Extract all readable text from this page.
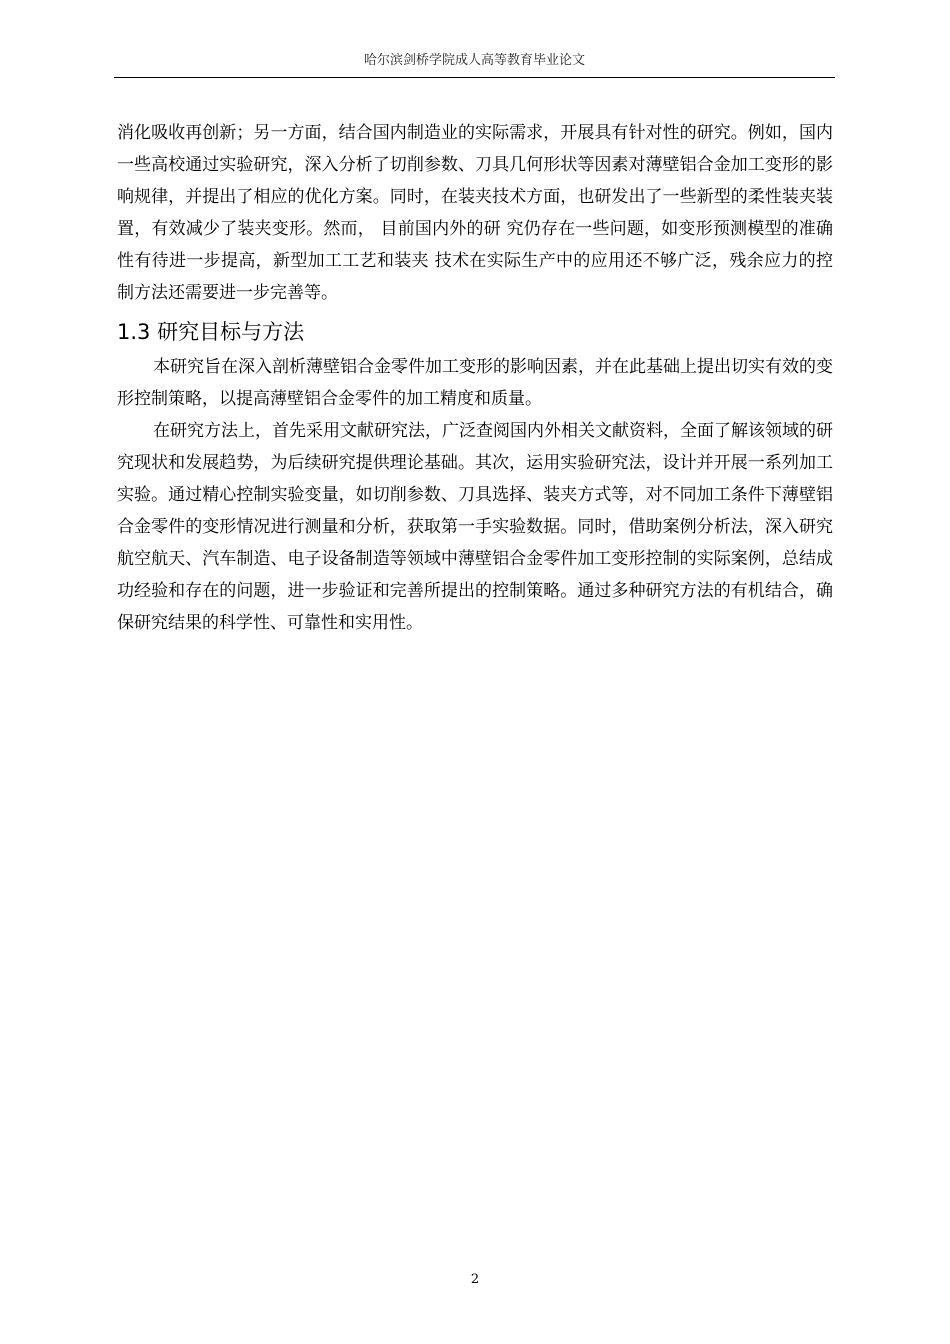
哈尔滨剑桥学院成人高等教育毕业论文

消化吸收再创新；另一方面，结合国内制造业的实际需求，开展具有针对性的研究。例如，国内一些高校通过实验研究，深入分析了切削参数、刀具几何形状等因素对薄壁铝合金加工变形的影响规律，并提出了相应的优化方案。同时，在装夹技术方面，也研发出了一些新型的柔性装夹装置，有效减少了装夹变形。然而， 目前国内外的研 究仍存在一些问题，如变形预测模型的准确性有待进一步提高，新型加工工艺和装夹 技术在实际生产中的应用还不够广泛，残余应力的控制方法还需要进一步完善等。

1.3 研究目标与方法

本研究旨在深入剖析薄壁铝合金零件加工变形的影响因素，并在此基础上提出切实有效的变形控制策略，以提高薄壁铝合金零件的加工精度和质量。

在研究方法上，首先采用文献研究法，广泛查阅国内外相关文献资料，全面了解该领域的研究现状和发展趋势，为后续研究提供理论基础。其次，运用实验研究法，设计并开展一系列加工实验。通过精心控制实验变量，如切削参数、刀具选择、装夹方式等，对不同加工条件下薄壁铝合金零件的变形情况进行测量和分析，获取第一手实验数据。同时，借助案例分析法，深入研究航空航天、汽车制造、电子设备制造等领域中薄壁铝合金零件加工变形控制的实际案例，总结成功经验和存在的问题，进一步验证和完善所提出的控制策略。通过多种研究方法的有机结合，确保研究结果的科学性、可靠性和实用性。

2
